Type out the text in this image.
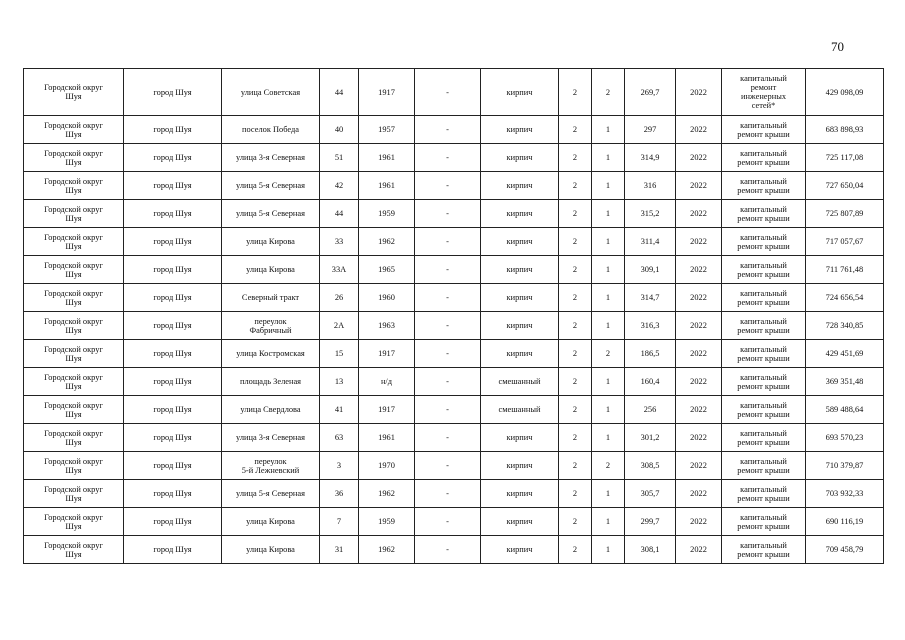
70
Городской округ
Шуя	город Шуя	улица Советская	44	1917	-	кирпич	2	2	269,7	2022	капитальный
ремонт
инженерных
сетей*	429 098,09
Городской округ
Шуя	город Шуя	поселок Победа	40	1957	-	кирпич	2	1	297	2022	капитальный
ремонт крыши	683 898,93
Городской округ
Шуя	город Шуя	улица 3-я Северная	51	1961	-	кирпич	2	1	314,9	2022	капитальный
ремонт крыши	725 117,08
Городской округ
Шуя	город Шуя	улица 5-я Северная	42	1961	-	кирпич	2	1	316	2022	капитальный
ремонт крыши	727 650,04
Городской округ
Шуя	город Шуя	улица 5-я Северная	44	1959	-	кирпич	2	1	315,2	2022	капитальный
ремонт крыши	725 807,89
Городской округ
Шуя	город Шуя	улица Кирова	33	1962	-	кирпич	2	1	311,4	2022	капитальный
ремонт крыши	717 057,67
Городской округ
Шуя	город Шуя	улица Кирова	33А	1965	-	кирпич	2	1	309,1	2022	капитальный
ремонт крыши	711 761,48
Городской округ
Шуя	город Шуя	Северный тракт	26	1960	-	кирпич	2	1	314,7	2022	капитальный
ремонт крыши	724 656,54
Городской округ
Шуя	город Шуя	переулок
Фабричный	2А	1963	-	кирпич	2	1	316,3	2022	капитальный
ремонт крыши	728 340,85
Городской округ
Шуя	город Шуя	улица Костромская	15	1917	-	кирпич	2	2	186,5	2022	капитальный
ремонт крыши	429 451,69
Городской округ
Шуя	город Шуя	площадь Зеленая	13	н/д	-	смешанный	2	1	160,4	2022	капитальный
ремонт крыши	369 351,48
Городской округ
Шуя	город Шуя	улица Свердлова	41	1917	-	смешанный	2	1	256	2022	капитальный
ремонт крыши	589 488,64
Городской округ
Шуя	город Шуя	улица 3-я Северная	63	1961	-	кирпич	2	1	301,2	2022	капитальный
ремонт крыши	693 570,23
Городской округ
Шуя	город Шуя	переулок
5-й Лежневский	3	1970	-	кирпич	2	2	308,5	2022	капитальный
ремонт крыши	710 379,87
Городской округ
Шуя	город Шуя	улица 5-я Северная	36	1962	-	кирпич	2	1	305,7	2022	капитальный
ремонт крыши	703 932,33
Городской округ
Шуя	город Шуя	улица Кирова	7	1959	-	кирпич	2	1	299,7	2022	капитальный
ремонт крыши	690 116,19
Городской округ
Шуя	город Шуя	улица Кирова	31	1962	-	кирпич	2	1	308,1	2022	капитальный
ремонт крыши	709 458,79
